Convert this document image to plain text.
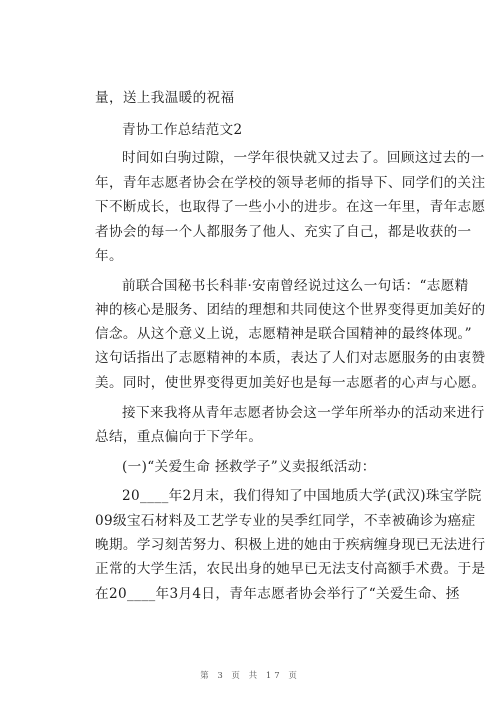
量，送上我温暖的祝福
青协工作总结范文2
时间如白驹过隙，一学年很快就又过去了。回顾这过去的一
年，青年志愿者协会在学校的领导老师的指导下、同学们的关注
下不断成长，也取得了一些小小的进步。在这一年里，青年志愿
者协会的每一个人都服务了他人、充实了自己，都是收获的一
年。
前联合国秘书长科菲·安南曾经说过这么一句话：“志愿精
神的核心是服务、团结的理想和共同使这个世界变得更加美好的
信念。从这个意义上说，志愿精神是联合国精神的最终体现。”
这句话指出了志愿精神的本质，表达了人们对志愿服务的由衷赞
美。同时，使世界变得更加美好也是每一志愿者的心声与心愿。
接下来我将从青年志愿者协会这一学年所举办的活动来进行
总结，重点偏向于下学年。
(一)“关爱生命 拯救学子”义卖报纸活动：
20____年2月末，我们得知了中国地质大学(武汉)珠宝学院
09级宝石材料及工艺学专业的吴季红同学，不幸被确诊为癌症
晚期。学习刻苦努力、积极上进的她由于疾病缠身现已无法进行
正常的大学生活，农民出身的她早已无法支付高额手术费。于是
在20____年3月4日，青年志愿者协会举行了“关爱生命、拯
第 3 页 共 17 页
